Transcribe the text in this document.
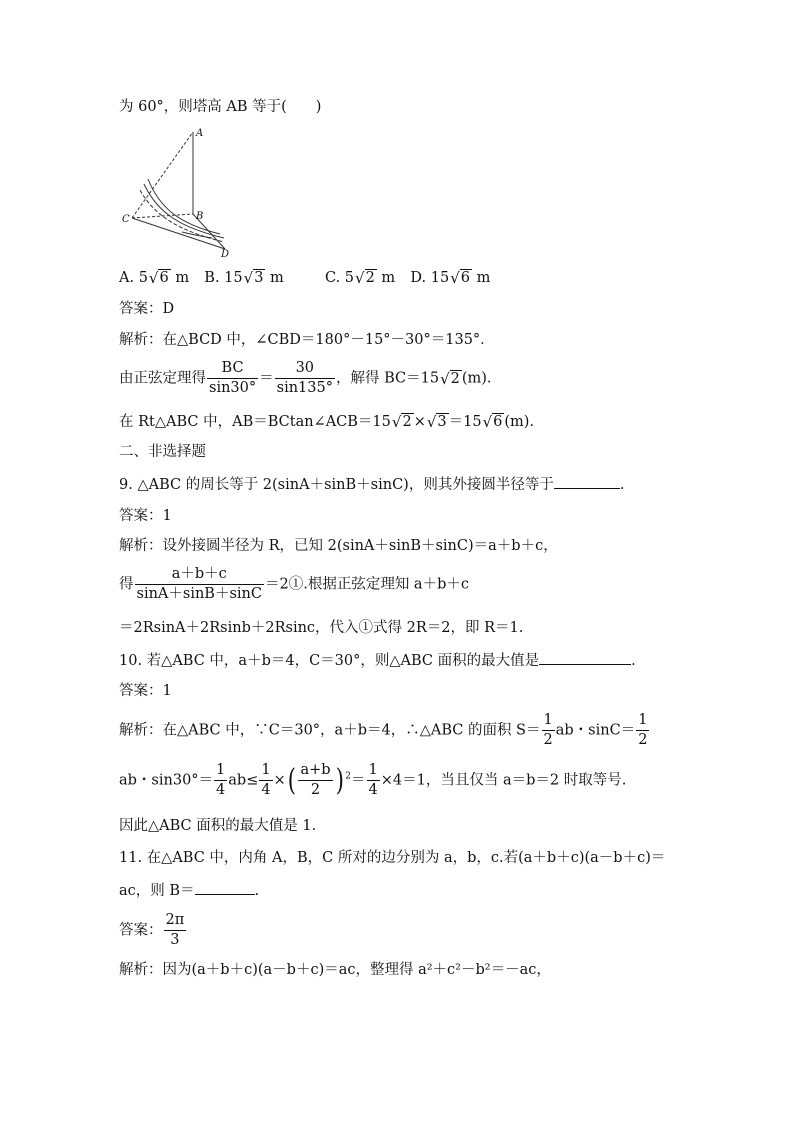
为 60°，则塔高 AB 等于(　　)
A
B
C
D
A. 5√6 m B. 15√3 m	C. 5√2 m D. 15√6 m
答案：D
解析：在△BCD 中，∠CBD＝180°－15°－30°＝135°．
由正弦定理得 $\frac{BC}{\sin 30^\circ} = \frac{30}{\sin 135^\circ}$ ，解得 BC＝15√2 (m)．
在 Rt△ABC 中，AB＝BCtan∠ACB＝15√2 ×√3 ＝15√6 (m)．
二、非选择题
9. △ABC 的周长等于 2(sinA＋sinB＋sinC)，则其外接圆半径等于	.
答案：1
解析：设外接圆半径为 R，已知 2(sinA＋sinB＋sinC)＝a＋b＋c，
得 $\frac{a+b+c}{\sin A+\sin B+\sin C}$ ＝2①.根据正弦定理知 a＋b＋c
＝2RsinA＋2Rsinb＋2Rsinc，代入①式得 2R＝2，即 R＝1.
10. 若△ABC 中，a＋b＝4，C＝30°，则△ABC 面积的最大值是	.
答案：1
解析：在△ABC 中，∵C＝30°，a＋b＝4，∴△ABC 的面积 $S= \frac{1}{2}$ ab・$\sin C= \frac{1}{2}$
ab・$\sin 30^\circ= \frac{1}{4} ab\le \frac{1}{4}$ ×( $\frac{a+b}{2}$ ) $^2= \frac{1}{4} \times 4=1$，当且仅当 a＝b＝2 时取等号.
因此△ABC 面积的最大值是 1.
11. 在△ABC 中，内角 A，B，C 所对的边分别为 a，b，c.若(a＋b＋c)(a－b＋c)＝
ac，则 B＝	.
答案： $\frac{2\pi}{3}$
解析：因为(a＋b＋c)(a－b＋c)＝ac，整理得 a²＋c²－b²＝－ac，
